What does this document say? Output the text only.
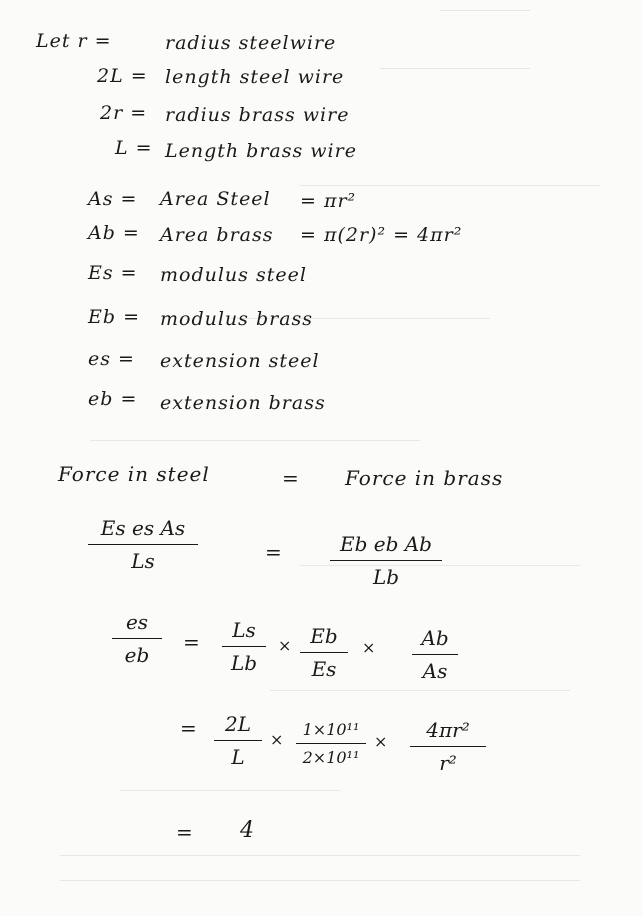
Let r =	radius steelwire
2L = length steel wire
2r = radius brass wire
L = Length brass wire
As = Area Steel = πr²
Ab = Area brass = π(2r)² = 4πr²
Es = modulus steel
Eb = modulus brass
es = extension steel
eb = extension brass
Force in steel	= Force in brass
Es es As
Ls	=	Eb eb Ab
Lb
es
eb
=	Ls
Lb
× Eb
Es
×	Ab
As
=	2L
L
×
1×10¹¹
2×10¹¹
×	4πr²
r²
= 4
